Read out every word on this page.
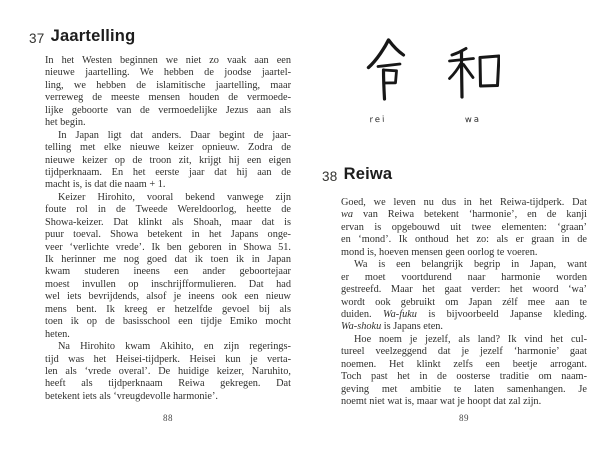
37 Jaartelling
In het Westen beginnen we niet zo vaak aan een
nieuwe jaartelling. We hebben de joodse jaartel-
ling, we hebben de islamitische jaartelling, maar
verreweg de meeste mensen houden de vermoede-
lijke geboorte van de vermoedelijke Jezus aan als
het begin.
In Japan ligt dat anders. Daar begint de jaar-
telling met elke nieuwe keizer opnieuw. Zodra de
nieuwe keizer op de troon zit, krijgt hij een eigen
tijdperknaam. En het eerste jaar dat hij aan de
macht is, is dat die naam + 1.
Keizer Hirohito, vooral bekend vanwege zijn
foute rol in de Tweede Wereldoorlog, heette de
Showa-keizer. Dat klinkt als Shoah, maar dat is
puur toeval. Showa betekent in het Japans onge-
veer ‘verlichte vrede’. Ik ben geboren in Showa 51.
Ik herinner me nog goed dat ik toen ik in Japan
kwam studeren ineens een ander geboortejaar
moest invullen op inschrijfformulieren. Dat had
wel iets bevrijdends, alsof je ineens ook een nieuw
mens bent. Ik kreeg er hetzelfde gevoel bij als
toen ik op de basisschool een tijdje Emiko mocht
heten.
Na Hirohito kwam Akihito, en zijn regerings-
tijd was het Heisei-tijdperk. Heisei kun je verta-
len als ‘vrede overal’. De huidige keizer, Naruhito,
heeft als tijdperknaam Reiwa gekregen. Dat
betekent iets als ‘vreugdevolle harmonie’.
88
rei	wa
38 Reiwa
Goed, we leven nu dus in het Reiwa-tijdperk. Dat
wa van Reiwa betekent ‘harmonie’, en de kanji
ervan is opgebouwd uit twee elementen: ‘graan’
en ‘mond’. Ik onthoud het zo: als er graan in de
mond is, hoeven mensen geen oorlog te voeren.
Wa is een belangrijk begrip in Japan, want
er moet voortdurend naar harmonie worden
gestreefd. Maar het gaat verder: het woord ‘wa’
wordt ook gebruikt om Japan zélf mee aan te
duiden. Wa-fuku is bijvoorbeeld Japanse kleding.
Wa-shoku is Japans eten.
Hoe noem je jezelf, als land? Ik vind het cul-
tureel veelzeggend dat je jezelf ‘harmonie’ gaat
noemen. Het klinkt zelfs een beetje arrogant.
Toch past het in de oosterse traditie om naam-
geving met ambitie te laten samenhangen. Je
noemt niet wat is, maar wat je hoopt dat zal zijn.
89
